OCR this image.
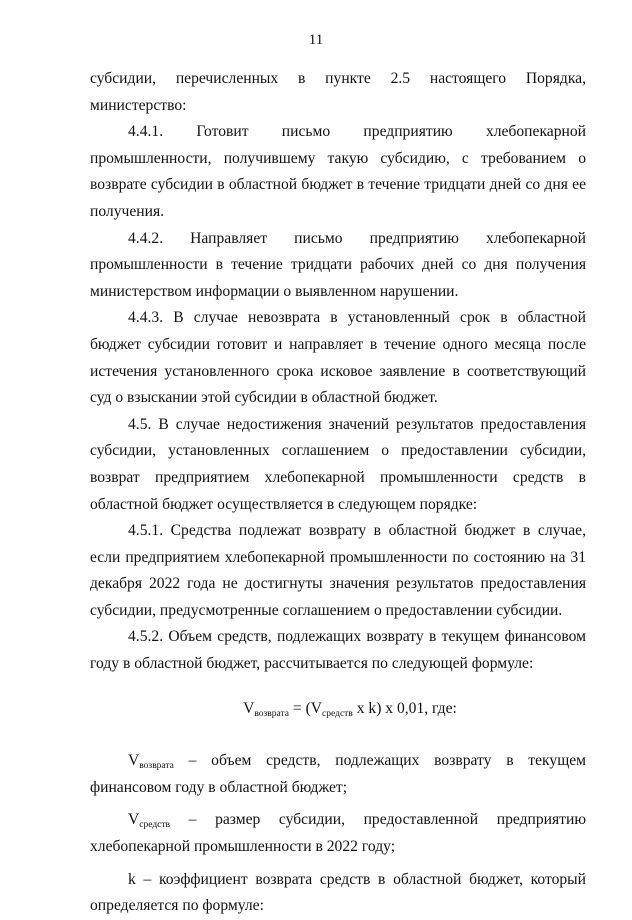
11

субсидии, перечисленных в пункте 2.5 настоящего Порядка, министерство:

4.4.1. Готовит письмо предприятию хлебопекарной промышленности, получившему такую субсидию, с требованием о возврате субсидии в областной бюджет в течение тридцати дней со дня ее получения.

4.4.2. Направляет письмо предприятию хлебопекарной промышленности в течение тридцати рабочих дней со дня получения министерством информации о выявленном нарушении.

4.4.3. В случае невозврата в установленный срок в областной бюджет субсидии готовит и направляет в течение одного месяца после истечения установленного срока исковое заявление в соответствующий суд о взыскании этой субсидии в областной бюджет.

4.5. В случае недостижения значений результатов предоставления субсидии, установленных соглашением о предоставлении субсидии, возврат предприятием хлебопекарной промышленности средств в областной бюджет осуществляется в следующем порядке:

4.5.1. Средства подлежат возврату в областной бюджет в случае, если предприятием хлебопекарной промышленности по состоянию на 31 декабря 2022 года не достигнуты значения результатов предоставления субсидии, предусмотренные соглашением о предоставлении субсидии.

4.5.2. Объем средств, подлежащих возврату в текущем финансовом году в областной бюджет, рассчитывается по следующей формуле:

$V_{возврата} = (V_{средств}$ x k) x 0,01, где:

$V_{возврата}$ – объем средств, подлежащих возврату в текущем финансовом году в областной бюджет;

$V_{средств}$ – размер субсидии, предоставленной предприятию хлебопекарной промышленности в 2022 году;

k – коэффициент возврата средств в областной бюджет, который определяется по формуле:
